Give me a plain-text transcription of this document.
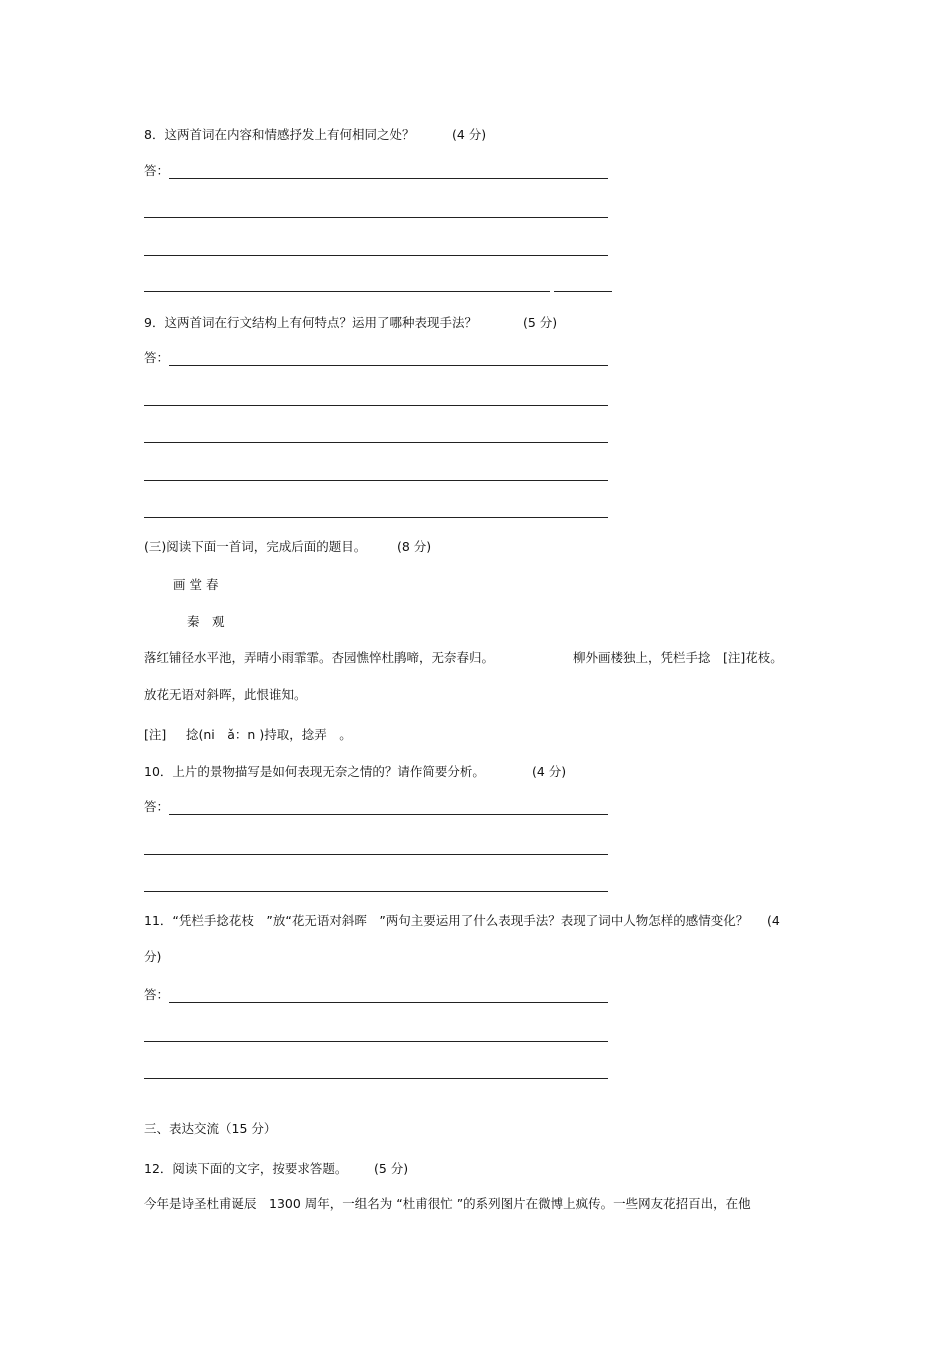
8．这两首词在内容和情感抒发上有何相同之处？	(4 分)
答：
9．这两首词在行文结构上有何特点？运用了哪种表现手法？	(5 分)
答：
(三)阅读下面一首词，完成后面的题目。 (8 分)
画 堂 春
秦　观
落红铺径水平池，弄晴小雨霏霏。杏园憔悴杜鹃啼，无奈春归。	柳外画楼独上，凭栏手捻　[注]花枝。
放花无语对斜晖，此恨谁知。
[注] 捻(ni　ǎ：n )持取，捻弄　。
10．上片的景物描写是如何表现无奈之情的？请作简要分析。	(4 分)
答：
11．“凭栏手捻花枝　”放“花无语对斜晖　”两句主要运用了什么表现手法？表现了词中人物怎样的感情变化？ (4
分)
答：
三、表达交流（15 分）
12．阅读下面的文字，按要求答题。 (5 分)
今年是诗圣杜甫诞辰　1300 周年，一组名为 “杜甫很忙 ”的系列图片在微博上疯传。一些网友花招百出，在他
